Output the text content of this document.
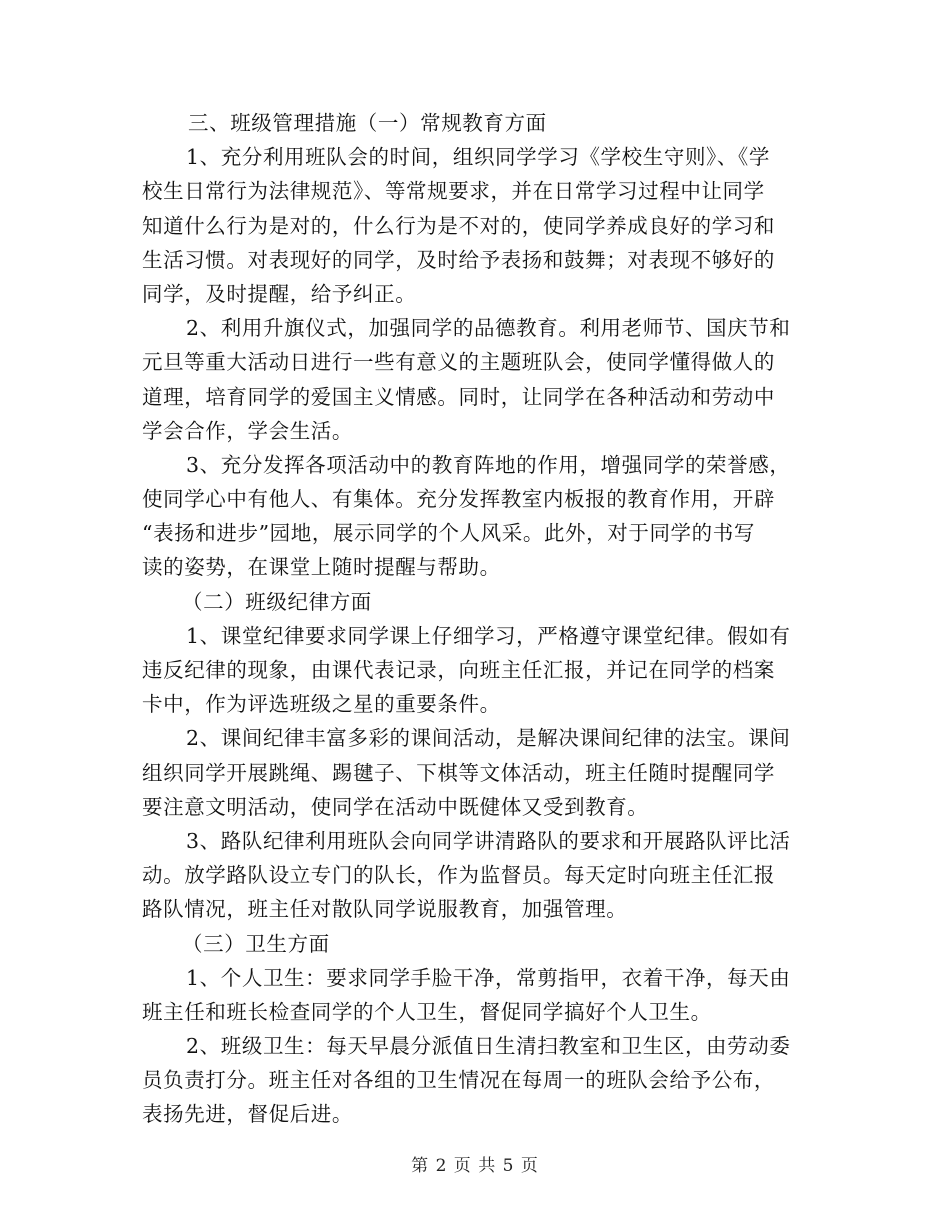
三、班级管理措施（一）常规教育方面
1、充分利用班队会的时间，组织同学学习《学校生守则》、《学
校生日常行为法律规范》、等常规要求，并在日常学习过程中让同学
知道什么行为是对的，什么行为是不对的，使同学养成良好的学习和
生活习惯。对表现好的同学，及时给予表扬和鼓舞；对表现不够好的
同学，及时提醒，给予纠正。
2、利用升旗仪式，加强同学的品德教育。利用老师节、国庆节和
元旦等重大活动日进行一些有意义的主题班队会，使同学懂得做人的
道理，培育同学的爱国主义情感。同时，让同学在各种活动和劳动中
学会合作，学会生活。
3、充分发挥各项活动中的教育阵地的作用，增强同学的荣誉感，
使同学心中有他人、有集体。充分发挥教室内板报的教育作用，开辟
“表扬和进步”园地，展示同学的个人风采。此外，对于同学的书写
读的姿势，在课堂上随时提醒与帮助。
（二）班级纪律方面
1、课堂纪律要求同学课上仔细学习，严格遵守课堂纪律。假如有
违反纪律的现象，由课代表记录，向班主任汇报，并记在同学的档案
卡中，作为评选班级之星的重要条件。
2、课间纪律丰富多彩的课间活动，是解决课间纪律的法宝。课间
组织同学开展跳绳、踢毽子、下棋等文体活动，班主任随时提醒同学
要注意文明活动，使同学在活动中既健体又受到教育。
3、路队纪律利用班队会向同学讲清路队的要求和开展路队评比活
动。放学路队设立专门的队长，作为监督员。每天定时向班主任汇报
路队情况，班主任对散队同学说服教育，加强管理。
（三）卫生方面
1、个人卫生：要求同学手脸干净，常剪指甲，衣着干净，每天由
班主任和班长检查同学的个人卫生，督促同学搞好个人卫生。
2、班级卫生：每天早晨分派值日生清扫教室和卫生区，由劳动委
员负责打分。班主任对各组的卫生情况在每周一的班队会给予公布，
表扬先进，督促后进。
第 2 页 共 5 页
